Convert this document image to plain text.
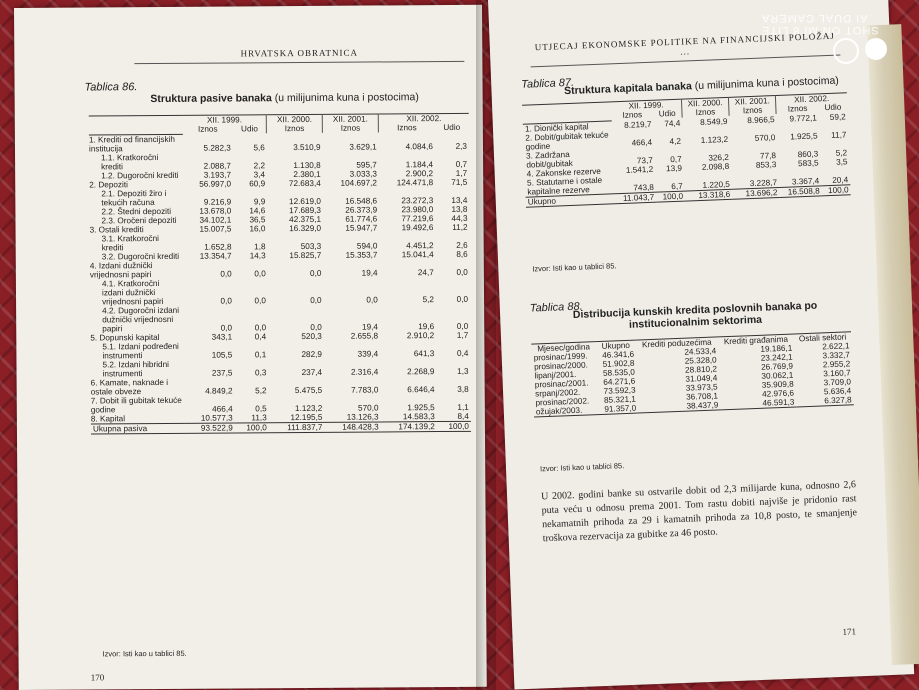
HRVATSKA OBRATNICA
Tablica 86.
Struktura pasive banaka (u milijunima kuna i postocima)
	XII. 1999.		XII. 2000.	XII. 2001.	XII. 2002.	
	Iznos	Udio	Iznos	Iznos	Iznos	Udio
1. Krediti od financijskih institucija	5.282,3	5,6	3.510,9	3.629,1	4.084,6	2,3
1.1. Kratkoročni krediti	2.088,7	2,2	1.130,8	595,7	1.184,4	0,7
1.2. Dugoročni krediti	3.193,7	3,4	2.380,1	3.033,3	2.900,2	1,7
2. Depoziti	56.997,0	60,9	72.683,4	104.697,2	124.471,8	71,5
2.1. Depoziti žiro i tekućih računa	9.216,9	9,9	12.619,0	16.548,6	23.272,3	13,4
2.2. Štedni depoziti	13.678,0	14,6	17.689,3	26.373,9	23.980,0	13,8
2.3. Oročeni depoziti	34.102,1	36,5	42.375,1	61.774,6	77.219,6	44,3
3. Ostali krediti	15.007,5	16,0	16.329,0	15.947,7	19.492,6	11,2
3.1. Kratkoročni krediti	1.652,8	1,8	503,3	594,0	4.451,2	2,6
3.2. Dugoročni krediti	13.354,7	14,3	15.825,7	15.353,7	15.041,4	8,6
4. Izdani dužnički vrijednosni papiri	0,0	0,0	0,0	19,4	24,7	0,0
4.1. Kratkoročni izdani dužnički vrijednosni papiri	0,0	0,0	0,0	0,0	5,2	0,0
4.2. Dugoročni izdani dužnički vrijednosni papiri	0,0	0,0	0,0	19,4	19,6	0,0
5. Dopunski kapital	343,1	0,4	520,3	2.655,8	2.910,2	1,7
5.1. Izdani podređeni instrumenti	105,5	0,1	282,9	339,4	641,3	0,4
5.2. Izdani hibridni instrumenti	237,5	0,3	237,4	2.316,4	2.268,9	1,3
6. Kamate, naknade i ostale obveze	4.849,2	5,2	5.475,5	7.783,0	6.646,4	3,8
7. Dobit ili gubitak tekuće godine	466,4	0,5	1.123,2	570,0	1.925,5	1,1
8. Kapital	10.577,3	11,3	12.195,5	13.126,3	14.583,3	8,4
Ukupna pasiva	93.522,9	100,0	111.837,7	148.428,3	174.139,2	100,0
Izvor: Isti kao u tablici 85.
170
UTJECAJ EKONOMSKE POLITIKE NA FINANCIJSKI POLOŽAJ ...
Tablica 87.
Struktura kapitala banaka (u milijunima kuna i postocima)
	XII. 1999.		XII. 2000.	XII. 2001.	XII. 2002.	
	Iznos	Udio	Iznos	Iznos	Iznos	Udio
1. Dionički kapital	8.219,7	74,4	8.549,9	8.966,5	9.772,1	59,2
2. Dobit/gubitak tekuće godine	466,4	4,2	1.123,2	570,0	1.925,5	11,7
3. Zadržana dobit/gubitak	73,7	0,7	326,2	77,8	860,3	5,2
4. Zakonske rezerve	1.541,2	13,9	2.098,8	853,3	583,5	3,5
5. Statutarne i ostale kapitalne rezerve	743,8	6,7	1.220,5	3.228,7	3.367,4	20,4
Ukupno	11.043,7	100,0	13.318,6	13.696,2	16.508,8	100,0
Izvor: Isti kao u tablici 85.
Tablica 88.
Distribucija kunskih kredita poslovnih banaka po institucionalnim sektorima
Mjesec/godina	Ukupno	Krediti poduzećima	Krediti građanima	Ostali sektori
prosinac/1999.	46.341,6	24.533,4	19.186,1	2.622,1
prosinac/2000.	51.902,8	25.328,0	23.242,1	3.332,7
lipanj/2001.	58.535,0	28.810,2	26.769,9	2.955,2
prosinac/2001.	64.271,6	31.049,4	30.062,1	3.160,7
srpanj/2002.	73.592,3	33.973,5	35.909,8	3.709,0
prosinac/2002.	85.321,1	36.708,1	42.976,6	5.636,4
ožujak/2003.	91.357,0	38.437,9	46.591,3	6.327,8
Izvor: Isti kao u tablici 85.
U 2002. godini banke su ostvarile dobit od 2,3 milijarde kuna, odnosno 2,6 puta veću u odnosu prema 2001. Tom rastu dobiti najviše je pridonio rast nekamatnih prihoda za 29 i kamatnih prihoda za 10,8 posto, te smanjenje troškova rezervacija za gubitke za 46 posto.
171
SHOT ON MI 8 LITE
AI DUAL CAMERA
